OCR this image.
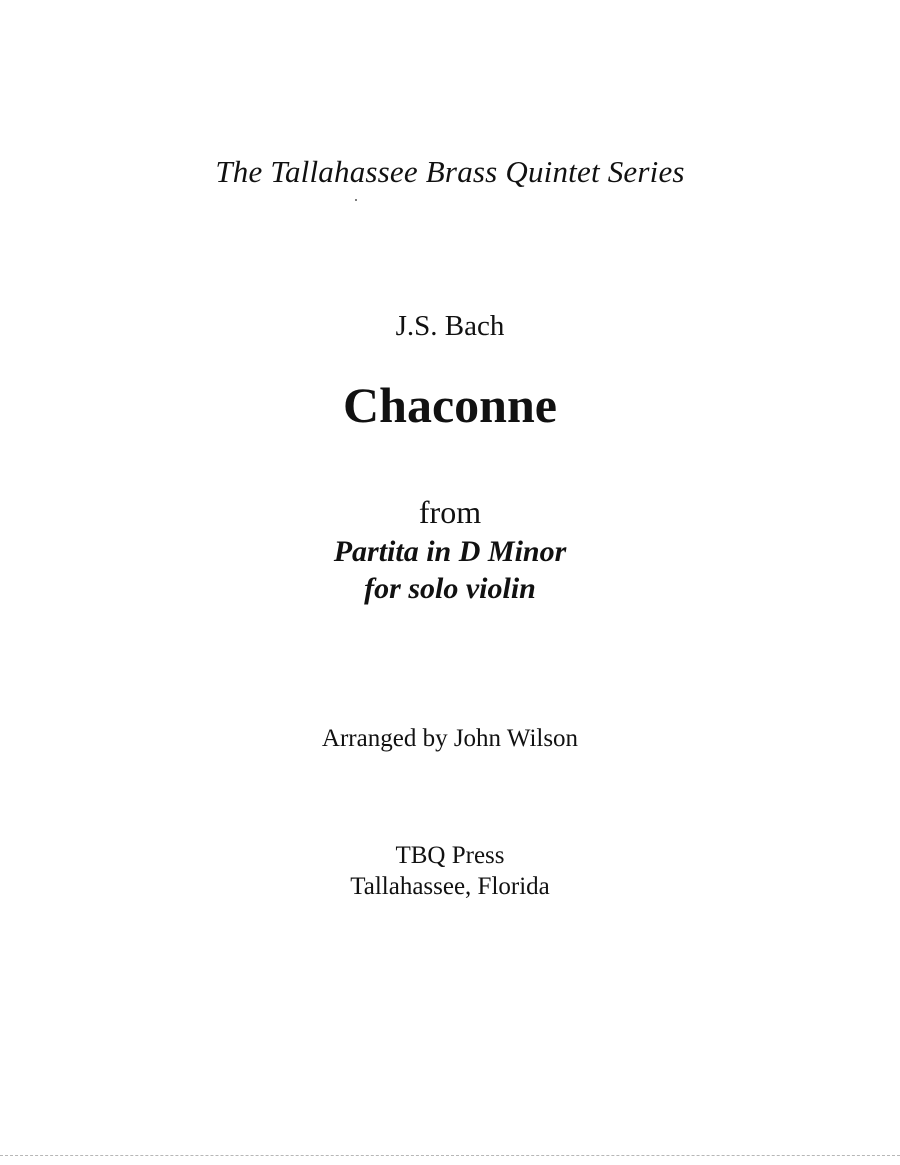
The Tallahassee Brass Quintet Series
J.S. Bach
Chaconne
from
Partita in D Minor
for solo violin
Arranged by John Wilson
TBQ Press
Tallahassee, Florida
